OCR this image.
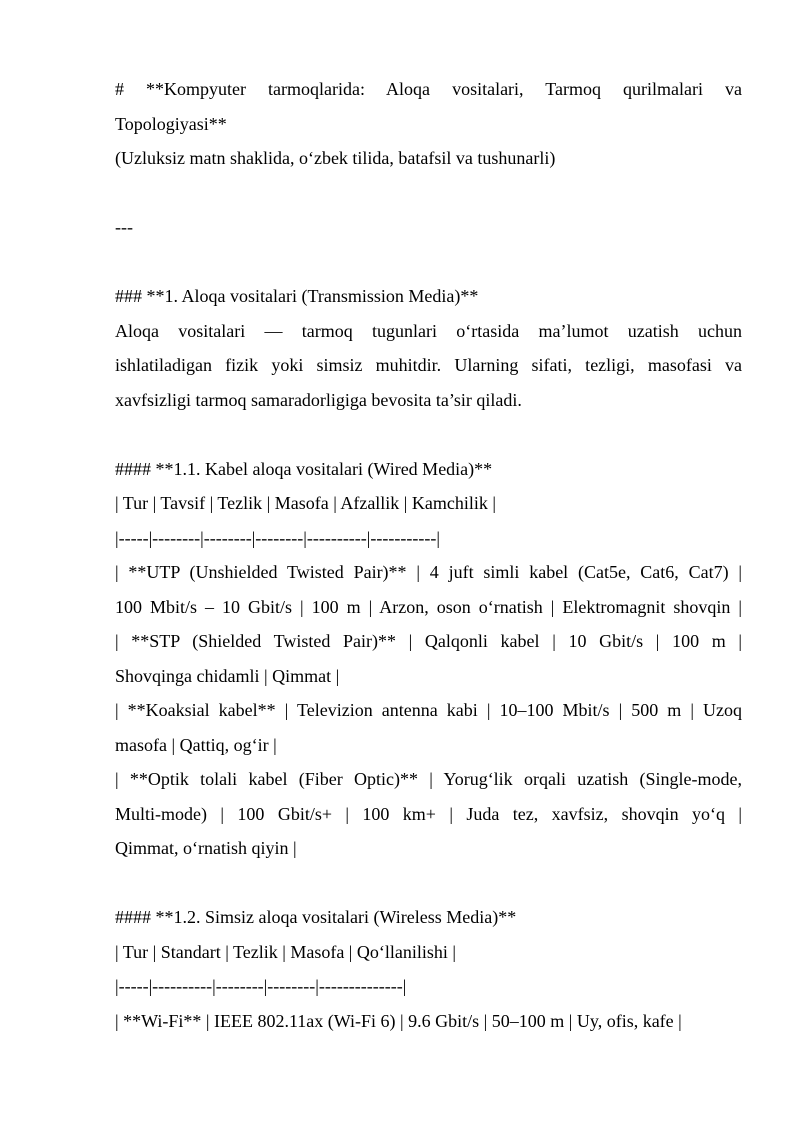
# **Kompyuter tarmoqlarida: Aloqa vositalari, Tarmoq qurilmalari va
Topologiyasi**
(Uzluksiz matn shaklida, o‘zbek tilida, batafsil va tushunarli)
---
### **1. Aloqa vositalari (Transmission Media)**
Aloqa vositalari — tarmoq tugunlari o‘rtasida ma’lumot uzatish uchun
ishlatiladigan fizik yoki simsiz muhitdir. Ularning sifati, tezligi, masofasi va
xavfsizligi tarmoq samaradorligiga bevosita ta’sir qiladi.
#### **1.1. Kabel aloqa vositalari (Wired Media)**
| Tur | Tavsif | Tezlik | Masofa | Afzallik | Kamchilik |
|-----|--------|--------|--------|----------|-----------|
| **UTP (Unshielded Twisted Pair)** | 4 juft simli kabel (Cat5e, Cat6, Cat7) |
100 Mbit/s – 10 Gbit/s | 100 m | Arzon, oson o‘rnatish | Elektromagnit shovqin |
| **STP (Shielded Twisted Pair)** | Qalqonli kabel | 10 Gbit/s | 100 m |
Shovqinga chidamli | Qimmat |
| **Koaksial kabel** | Televizion antenna kabi | 10–100 Mbit/s | 500 m | Uzoq
masofa | Qattiq, og‘ir |
| **Optik tolali kabel (Fiber Optic)** | Yorug‘lik orqali uzatish (Single-mode,
Multi-mode) | 100 Gbit/s+ | 100 km+ | Juda tez, xavfsiz, shovqin yo‘q |
Qimmat, o‘rnatish qiyin |
#### **1.2. Simsiz aloqa vositalari (Wireless Media)**
| Tur | Standart | Tezlik | Masofa | Qo‘llanilishi |
|-----|----------|--------|--------|--------------|
| **Wi-Fi** | IEEE 802.11ax (Wi-Fi 6) | 9.6 Gbit/s | 50–100 m | Uy, ofis, kafe |
